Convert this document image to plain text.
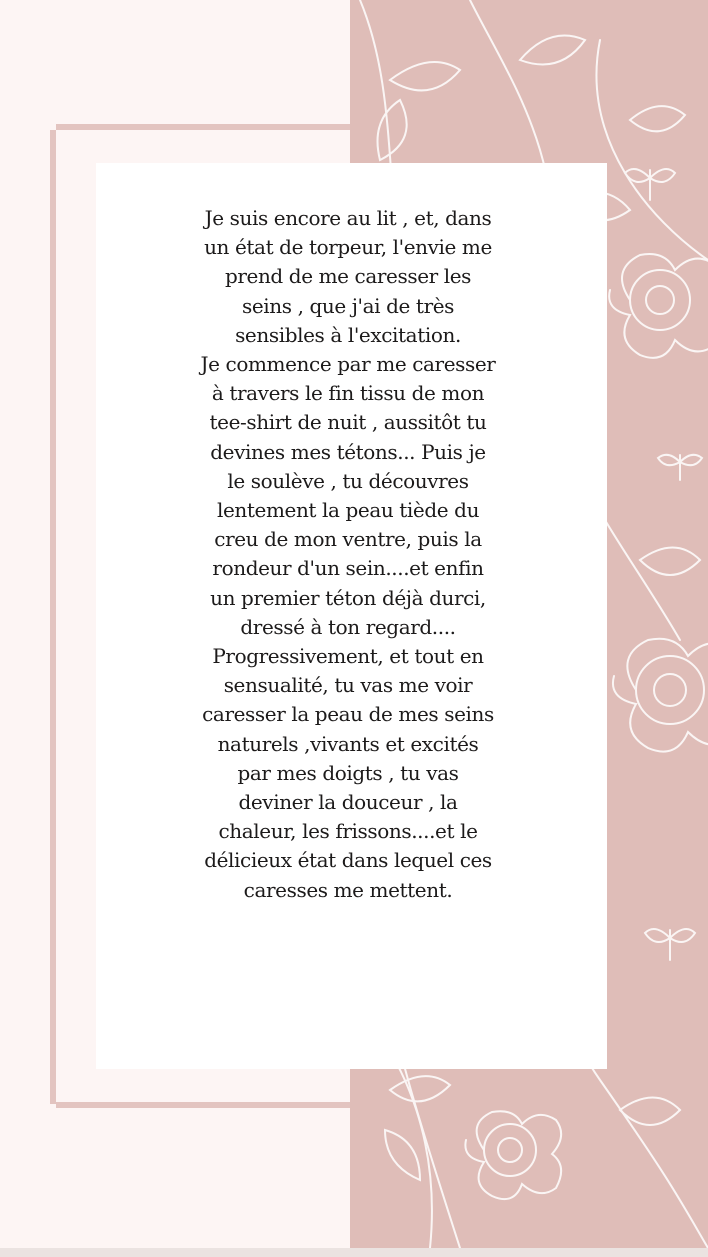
Je suis encore au lit , et, dans un état de torpeur, l'envie me prend de me caresser les seins , que j'ai de très sensibles à l'excitation.

Je commence par me caresser à travers le fin tissu de mon tee-shirt de nuit , aussitôt tu devines mes tétons... Puis je le soulève , tu découvres lentement la peau tiède du creu de mon ventre, puis la rondeur d'un sein....et enfin un premier téton déjà durci, dressé à ton regard....

Progressivement, et tout en sensualité, tu vas me voir caresser la peau de mes seins naturels ,vivants et excités par mes doigts , tu vas deviner la douceur , la chaleur, les frissons....et le délicieux état dans lequel ces caresses me mettent.
